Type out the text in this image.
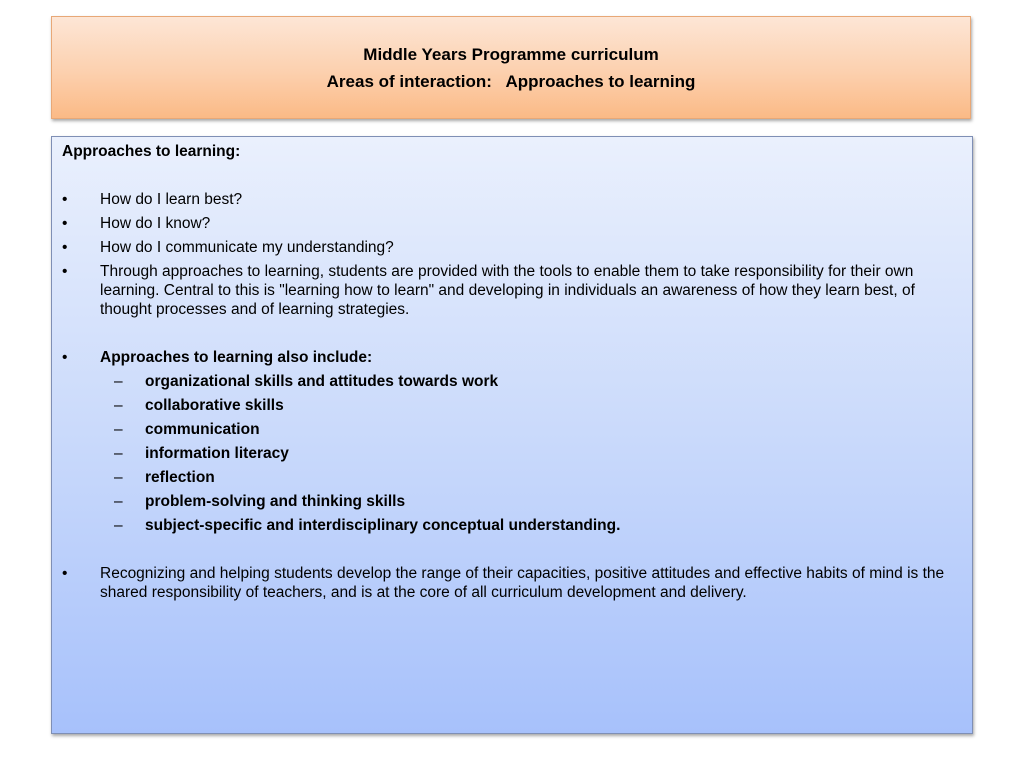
Middle Years Programme curriculum
Areas of interaction:   Approaches to learning
Approaches to learning:
• How do I learn best?
• How do I know?
• How do I communicate my understanding?
• Through approaches to learning, students are provided with the tools to enable them to take responsibility for their own learning. Central to this is "learning how to learn" and developing in individuals an awareness of how they learn best, of thought processes and of learning strategies.
• Approaches to learning also include:
– organizational skills and attitudes towards work
– collaborative skills
– communication
– information literacy
– reflection
– problem-solving and thinking skills
– subject-specific and interdisciplinary conceptual understanding.
• Recognizing and helping students develop the range of their capacities, positive attitudes and effective habits of mind is the shared responsibility of teachers, and is at the core of all curriculum development and delivery.
